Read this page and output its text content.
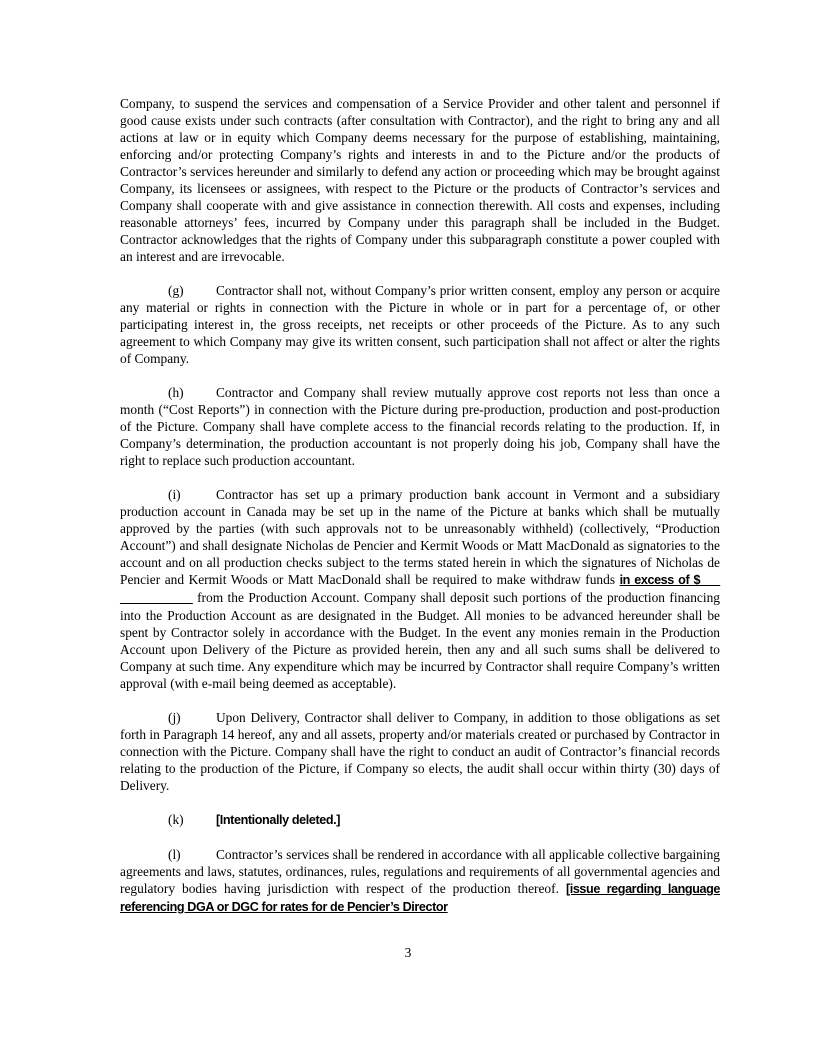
Company, to suspend the services and compensation of a Service Provider and other talent and personnel if good cause exists under such contracts (after consultation with Contractor), and the right to bring any and all actions at law or in equity which Company deems necessary for the purpose of establishing, maintaining, enforcing and/or protecting Company’s rights and interests in and to the Picture and/or the products of Contractor’s services hereunder and similarly to defend any action or proceeding which may be brought against Company, its licensees or assignees, with respect to the Picture or the products of Contractor’s services and Company shall cooperate with and give assistance in connection therewith. All costs and expenses, including reasonable attorneys’ fees, incurred by Company under this paragraph shall be included in the Budget. Contractor acknowledges that the rights of Company under this subparagraph constitute a power coupled with an interest and are irrevocable.

(g) Contractor shall not, without Company’s prior written consent, employ any person or acquire any material or rights in connection with the Picture in whole or in part for a percentage of, or other participating interest in, the gross receipts, net receipts or other proceeds of the Picture. As to any such agreement to which Company may give its written consent, such participation shall not affect or alter the rights of Company.

(h) Contractor and Company shall review mutually approve cost reports not less than once a month (“Cost Reports”) in connection with the Picture during pre-production, production and post-production of the Picture. Company shall have complete access to the financial records relating to the production. If, in Company’s determination, the production accountant is not properly doing his job, Company shall have the right to replace such production accountant.

(i)	Contractor has set up a primary production bank account in Vermont and a subsidiary production account in Canada may be set up in the name of the Picture at banks which shall be mutually approved by the parties (with such approvals not to be unreasonably withheld) (collectively, “Production Account”) and shall designate Nicholas de Pencier and Kermit Woods or Matt MacDonald as signatories to the account and on all production checks subject to the terms stated herein in which the signatures of Nicholas de Pencier and Kermit Woods or Matt MacDonald shall be required to make withdraw funds in excess of $___ ___________ from the Production Account. Company shall deposit such portions of the production financing into the Production Account as are designated in the Budget. All monies to be advanced hereunder shall be spent by Contractor solely in accordance with the Budget. In the event any monies remain in the Production Account upon Delivery of the Picture as provided herein, then any and all such sums shall be delivered to Company at such time. Any expenditure which may be incurred by Contractor shall require Company’s written approval (with e-mail being deemed as acceptable).

(j)	Upon Delivery, Contractor shall deliver to Company, in addition to those obligations as set forth in Paragraph 14 hereof, any and all assets, property and/or materials created or purchased by Contractor in connection with the Picture. Company shall have the right to conduct an audit of Contractor’s financial records relating to the production of the Picture, if Company so elects, the audit shall occur within thirty (30) days of Delivery.

(k)	[Intentionally deleted.]

(l)	Contractor’s services shall be rendered in accordance with all applicable collective bargaining agreements and laws, statutes, ordinances, rules, regulations and requirements of all governmental agencies and regulatory bodies having jurisdiction with respect of the production thereof. [issue regarding language referencing DGA or DGC for rates for de Pencier’s Director

3
